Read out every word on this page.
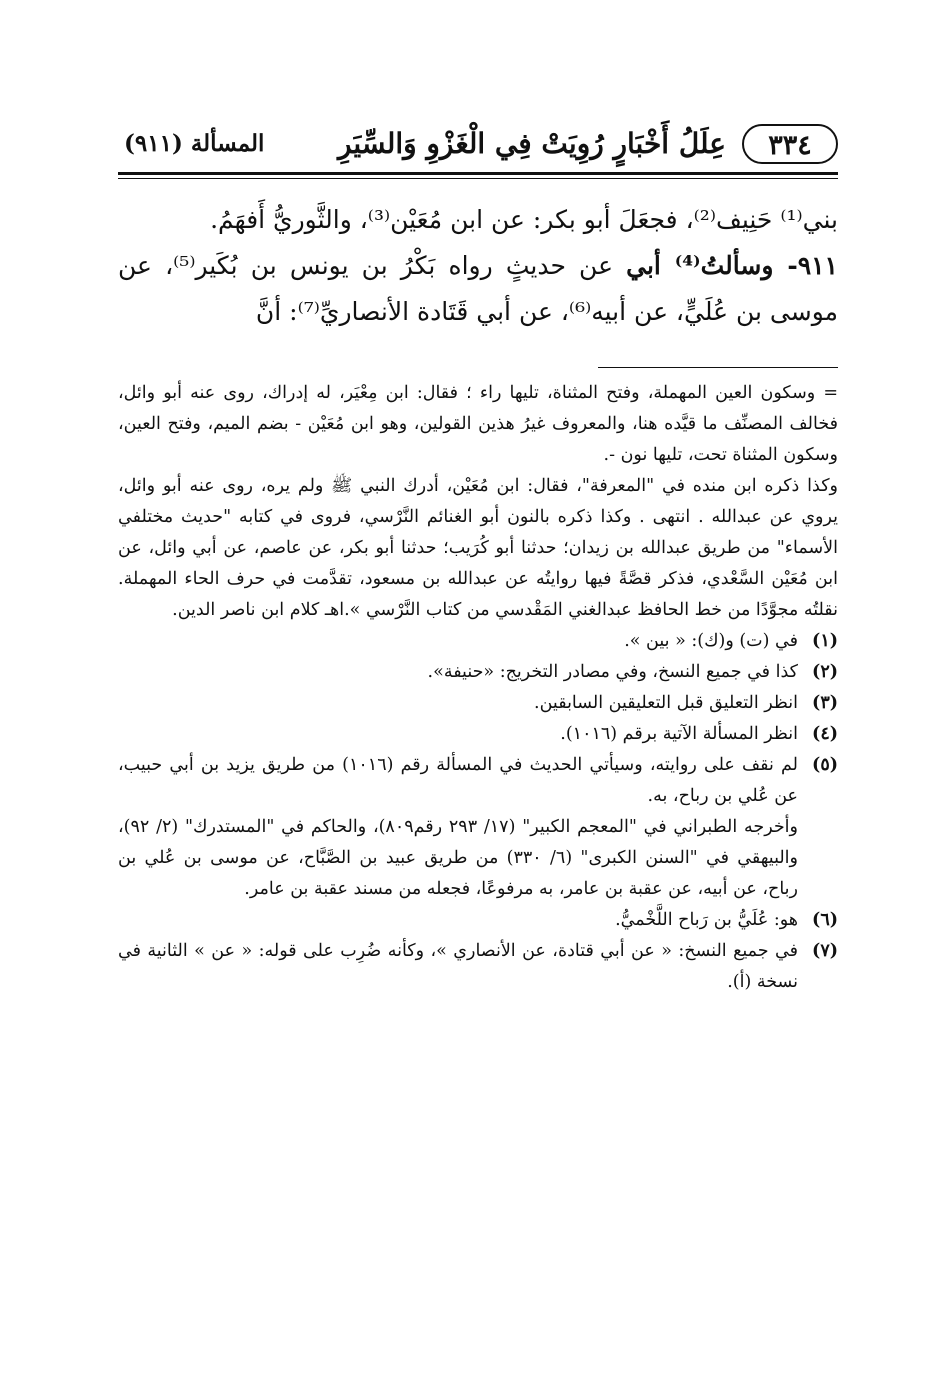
٣٣٤
عِلَلُ أَخْبَارٍ رُوِيَتْ فِي الْغَزْوِ وَالسِّيَرِ
المسألة (٩١١)

بني⁽¹⁾ حَنِيف⁽²⁾، فجعَلَ أبو بكر: عن ابن مُعَيْن⁽³⁾، والثَّوريُّ أَفهَمُ.

٩١١- وسألتُ⁽⁴⁾ أبي عن حديثٍ رواه بَكْرُ بن يونس بن بُكَير⁽⁵⁾، عن موسى بن عُلَيٍّ، عن أبيه⁽⁶⁾، عن أبي قَتَادة الأنصاريِّ⁽⁷⁾: أنَّ

= وسكون العين المهملة، وفتح المثناة، تليها راء ؛ فقال: ابن مِعْيَر، له إدراك، روى عنه أبو وائل، فخالف المصنِّف ما قيَّده هنا، والمعروف غيرُ هذين القولين، وهو ابن مُعَيْن - بضم الميم، وفتح العين، وسكون المثناة تحت، تليها نون -.

وكذا ذكره ابن منده في "المعرفة"، فقال: ابن مُعَيْن، أدرك النبي ﷺ ولم يره، روى عنه أبو وائل، يروي عن عبدالله . انتهى . وكذا ذكره بالنون أبو الغنائم النَّرْسي، فروى في كتابه "حديث مختلفي الأسماء" من طريق عبدالله بن زيدان؛ حدثنا أبو كُرَيب؛ حدثنا أبو بكر، عن عاصم، عن أبي وائل، عن ابن مُعَيْن السَّعْدي، فذكر قصَّةً فيها روايتُه عن عبدالله بن مسعود، تقدَّمت في حرف الحاء المهملة. نقلتُه مجوَّدًا من خط الحافظ عبدالغني المَقْدسي من كتاب النَّرْسي ».اهـ كلام ابن ناصر الدين.

(١)

في (ت) و(ك): « بين ».

(٢)

كذا في جميع النسخ، وفي مصادر التخريج: «حنيفة».

(٣)

انظر التعليق قبل التعليقين السابقين.

(٤)

انظر المسألة الآتية برقم (١٠١٦).

(٥)

لم نقف على روايته، وسيأتي الحديث في المسألة رقم (١٠١٦) من طريق يزيد بن أبي حبيب، عن عُلي بن رباح، به.

وأخرجه الطبراني في "المعجم الكبير" (١٧/ ٢٩٣ رقم٨٠٩)، والحاكم في "المستدرك" (٢/ ٩٢)، والبيهقي في "السنن الكبرى" (٦/ ٣٣٠) من طريق عبيد بن الصَّبَّاح، عن موسى بن عُلي بن رباح، عن أبيه، عن عقبة بن عامر، به مرفوعًا، فجعله من مسند عقبة بن عامر.

(٦)

هو: عُلَيُّ بن رَباح اللَّخْميُّ.

(٧)

في جميع النسخ: « عن أبي قتادة، عن الأنصاري »، وكأنه ضُرِب على قوله: « عن » الثانية في نسخة (أ).
